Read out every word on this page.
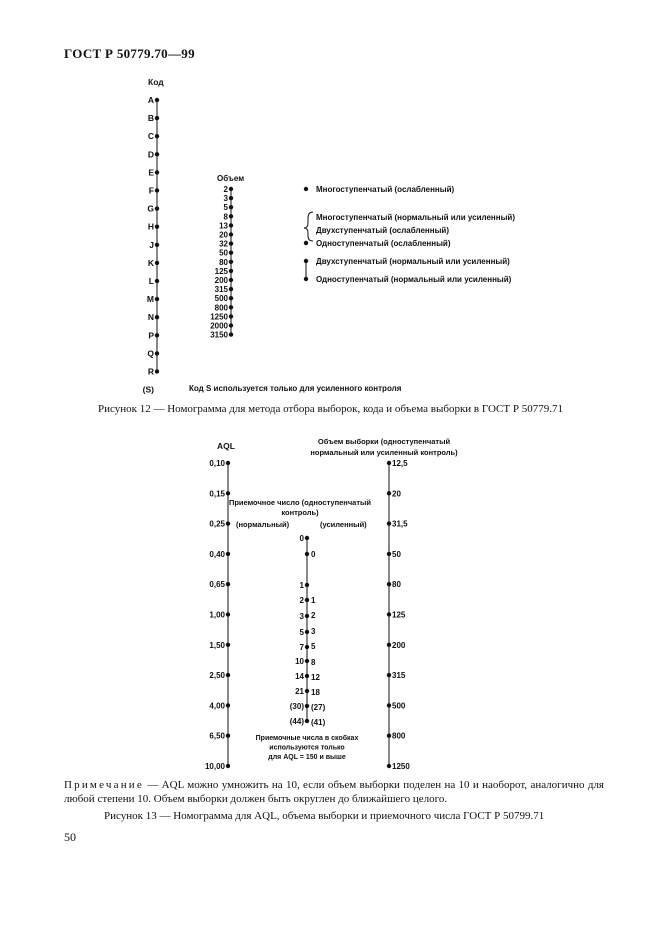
ГОСТ Р 50779.70—99
Код
A
B
C
D
E
F
G
H
J
K
L
M
N
P
Q
R
(S)
Объем
2
3
5
8
13
20
32
50
80
125
200
315
500
800
1250
2000
3150
Многоступенчатый (ослабленный)
Многоступенчатый (нормальный или усиленный)
Двухступенчатый (ослабленный)
Одноступенчатый (ослабленный)
Двухступенчатый (нормальный или усиленный)
Одноступенчатый (нормальный или усиленный)
Код S используется только для усиленного контроля
Рисунок 12 — Номограмма для метода отбора выборок, кода и объема выборки в ГОСТ Р 50779.71
AQL
0,10
0,15
0,25
0,40
0,65
1,00
1,50
2,50
4,00
6,50
10,00
Объем выборки (одноступенчатый
нормальный или усиленный контроль)
12,5
20
31,5
50
80
125
200
315
500
800
1250
Приемочное число (одноступенчатый
контроль)
(нормальный)	(усиленный)
0
1
2
3
5
7
10
14
21
(30)
(44)
0
1
2
3
5
8
12
18
(27)
(41)
Приемочные числа в скобках
используются только
для AQL = 150 и выше
Примечание — AQL можно умножить на 10, если объем выборки поделен на 10 и наоборот, аналогично для любой степени 10. Объем выборки должен быть округлен до ближайшего целого.
Рисунок 13 — Номограмма для AQL, объема выборки и приемочного числа ГОСТ Р 50799.71
50
